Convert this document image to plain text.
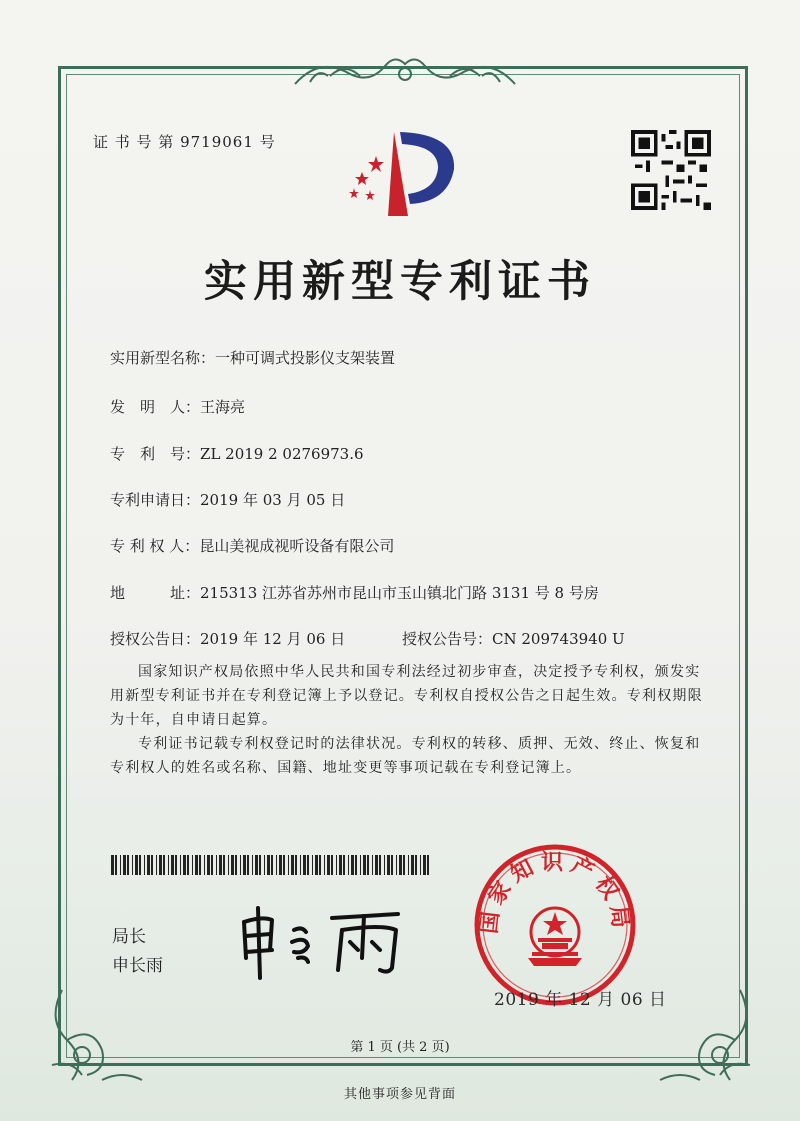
证 书 号 第 9719061 号
实用新型专利证书
实用新型名称：一种可调式投影仪支架装置
发　明　人：王海亮
专　利　号：ZL 2019 2 0276973.6
专利申请日：2019 年 03 月 05 日
专 利 权 人：昆山美视成视听设备有限公司
地　　　址：215313 江苏省苏州市昆山市玉山镇北门路 3131 号 8 号房
授权公告日：2019 年 12 月 06 日	授权公告号：CN 209743940 U
国家知识产权局依照中华人民共和国专利法经过初步审查，决定授予专利权，颁发实用新型专利证书并在专利登记簿上予以登记。专利权自授权公告之日起生效。专利权期限为十年，自申请日起算。
专利证书记载专利权登记时的法律状况。专利权的转移、质押、无效、终止、恢复和专利权人的姓名或名称、国籍、地址变更等事项记载在专利登记簿上。
局长
申长雨
国家知识产权局
2019 年 12 月 06 日
第 1 页 (共 2 页)
其他事项参见背面
